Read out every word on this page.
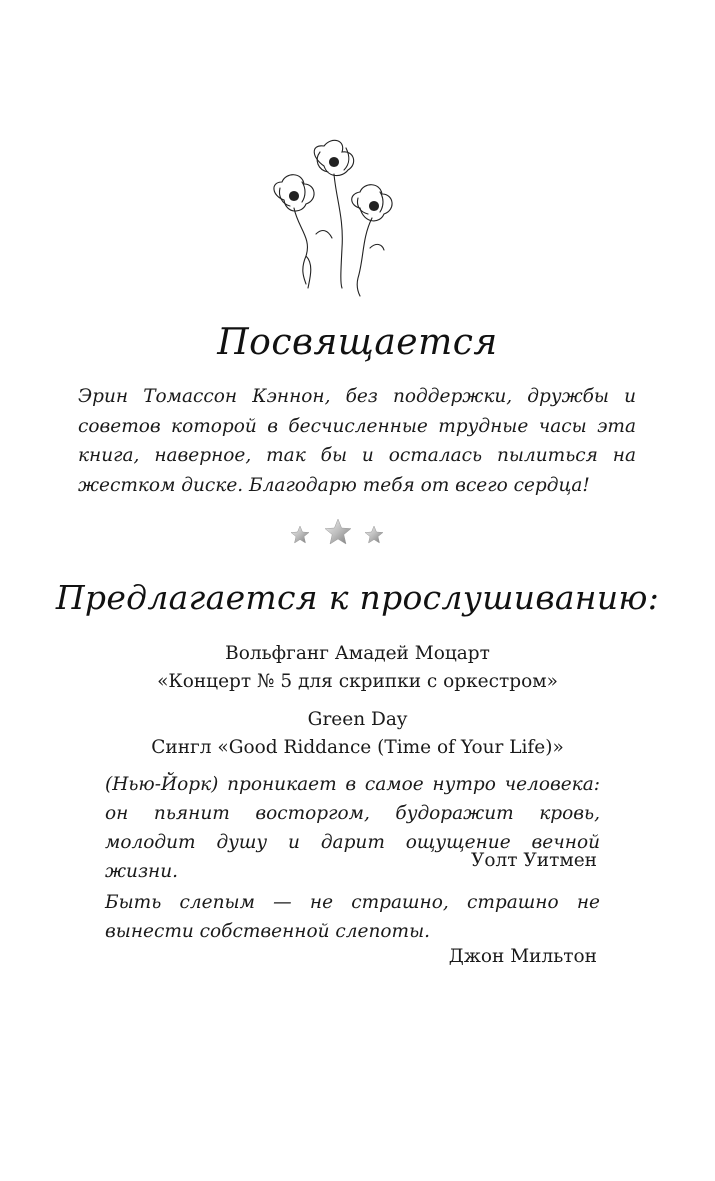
Посвящается
Эрин Томассон Кэннон, без поддержки, дружбы и советов которой в бесчисленные трудные часы эта книга, наверное, так бы и осталась пылиться на жестком диске. Благодарю тебя от всего сердца!
Предлагается к прослушиванию:
Вольфганг Амадей Моцарт
«Концерт № 5 для скрипки с оркестром»
Green Day
Сингл «Good Riddance (Time of Your Life)»
(Нью-Йорк) проникает в самое нутро человека: он пьянит восторгом, будоражит кровь, молодит душу и дарит ощущение вечной жизни.
Уолт Уитмен
Быть слепым — не страшно, страшно не вынести собственной слепоты.
Джон Мильтон
